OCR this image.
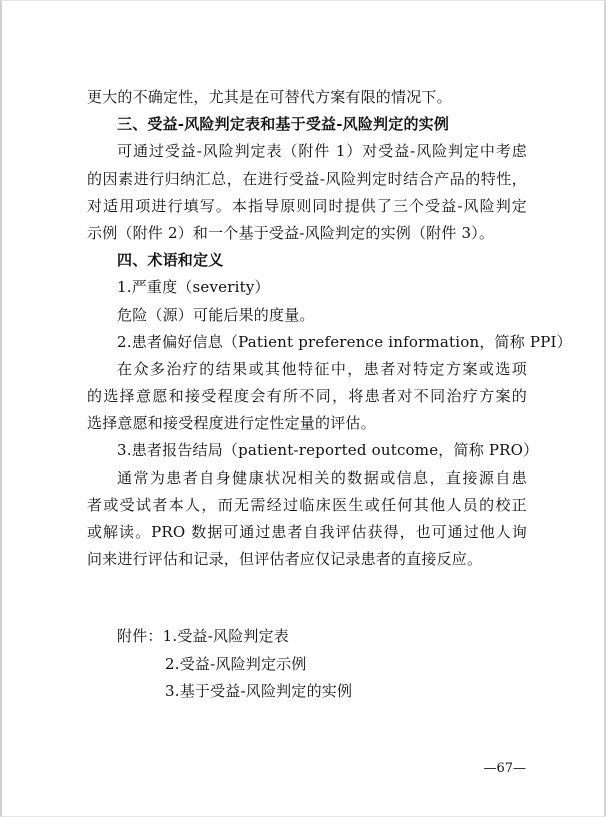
更大的不确定性，尤其是在可替代方案有限的情况下。
三、受益-风险判定表和基于受益-风险判定的实例
可通过受益-风险判定表（附件 1）对受益-风险判定中考虑
的因素进行归纳汇总，在进行受益-风险判定时结合产品的特性，
对适用项进行填写。本指导原则同时提供了三个受益-风险判定
示例（附件 2）和一个基于受益-风险判定的实例（附件 3）。
四、术语和定义
1.严重度（severity）
危险（源）可能后果的度量。
2.患者偏好信息（Patient preference information，简称 PPI）
在众多治疗的结果或其他特征中，患者对特定方案或选项
的选择意愿和接受程度会有所不同，将患者对不同治疗方案的
选择意愿和接受程度进行定性定量的评估。
3.患者报告结局（patient-reported outcome，简称 PRO）
通常为患者自身健康状况相关的数据或信息，直接源自患
者或受试者本人，而无需经过临床医生或任何其他人员的校正
或解读。PRO 数据可通过患者自我评估获得，也可通过他人询
问来进行评估和记录，但评估者应仅记录患者的直接反应。
附件：1.受益-风险判定表
2.受益-风险判定示例
3.基于受益-风险判定的实例
—67—
